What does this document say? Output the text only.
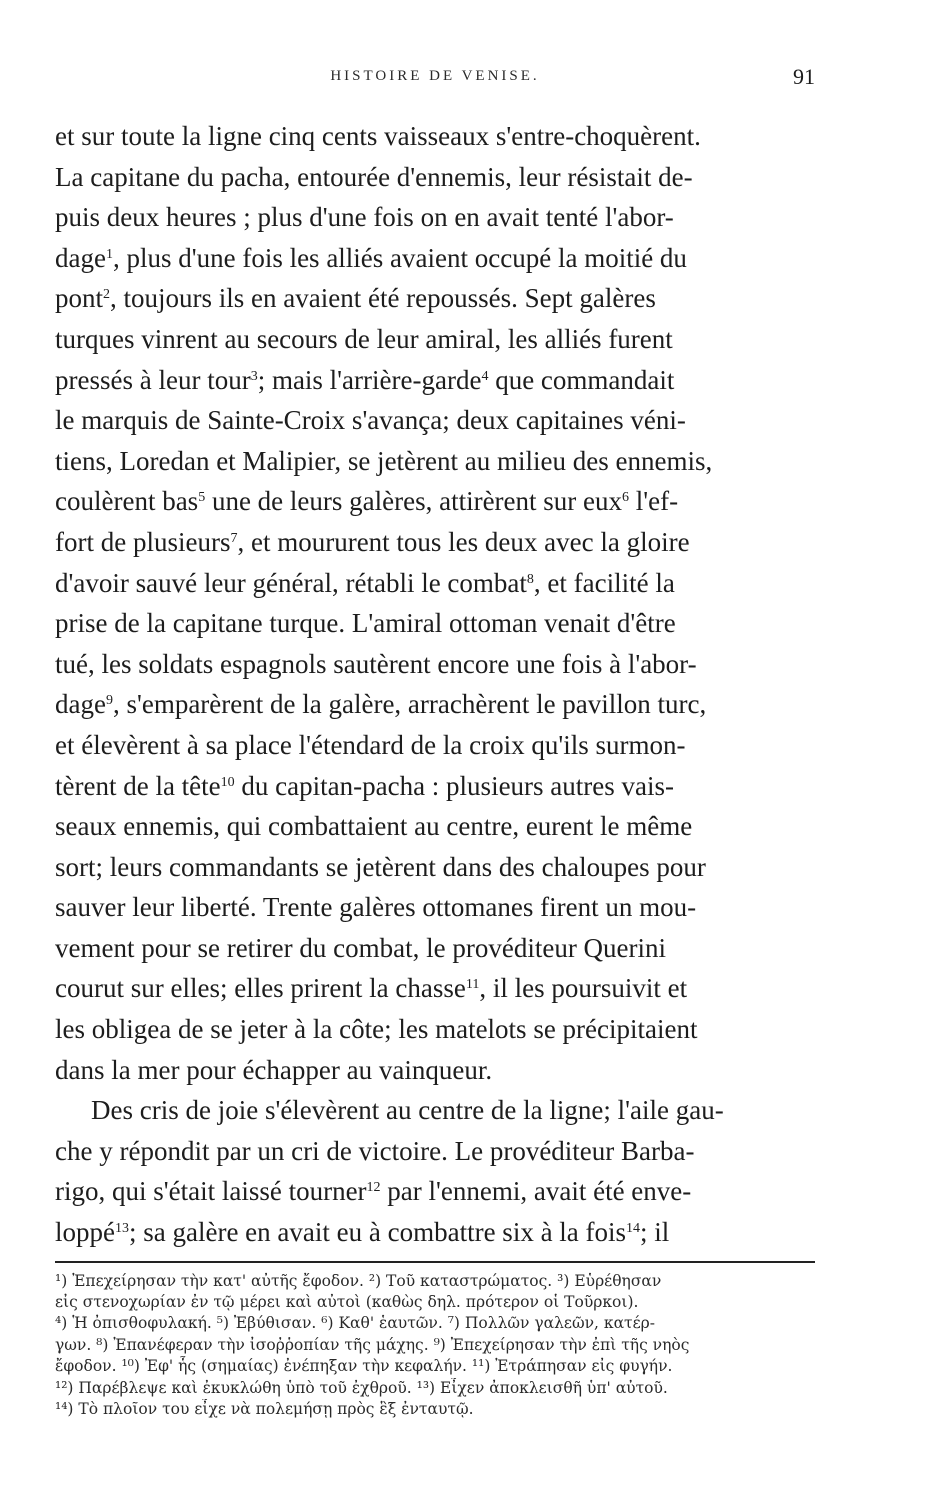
HISTOIRE DE VENISE.	91
et sur toute la ligne cinq cents vaisseaux s'entre-choquèrent.
La capitane du pacha, entourée d'ennemis, leur résistait de-
puis deux heures ; plus d'une fois on en avait tenté l'abor-
dage$^1$, plus d'une fois les alliés avaient occupé la moitié du
pont$^2$, toujours ils en avaient été repoussés. Sept galères
turques vinrent au secours de leur amiral, les alliés furent
pressés à leur tour$^3$; mais l'arrière-garde$^4$ que commandait
le marquis de Sainte-Croix s'avança; deux capitaines véni-
tiens, Loredan et Malipier, se jetèrent au milieu des ennemis,
coulèrent bas$^5$ une de leurs galères, attirèrent sur eux$^6$ l'ef-
fort de plusieurs$^7$, et moururent tous les deux avec la gloire
d'avoir sauvé leur général, rétabli le combat$^8$, et facilité la
prise de la capitane turque. L'amiral ottoman venait d'être
tué, les soldats espagnols sautèrent encore une fois à l'abor-
dage$^9$, s'emparèrent de la galère, arrachèrent le pavillon turc,
et élevèrent à sa place l'étendard de la croix qu'ils surmon-
tèrent de la tête$^{10}$ du capitan-pacha : plusieurs autres vais-
seaux ennemis, qui combattaient au centre, eurent le même
sort; leurs commandants se jetèrent dans des chaloupes pour
sauver leur liberté. Trente galères ottomanes firent un mou-
vement pour se retirer du combat, le provéditeur Querini
courut sur elles; elles prirent la chasse$^{11}$, il les poursuivit et
les obligea de se jeter à la côte; les matelots se précipitaient
dans la mer pour échapper au vainqueur.
Des cris de joie s'élevèrent au centre de la ligne; l'aile gau-
che y répondit par un cri de victoire. Le provéditeur Barba-
rigo, qui s'était laissé tourner$^{12}$ par l'ennemi, avait été enve-
loppé$^{13}$; sa galère en avait eu à combattre six à la fois$^{14}$; il
¹) Ἐπεχείρησαν τὴν κατ' αὐτῆς ἔφοδον. ²) Τοῦ καταστρώματος. ³) Εὑρέθησαν
εἰς στενοχωρίαν ἐν τῷ μέρει καὶ αὐτοὶ (καθὼς δηλ. πρότερον οἱ Τοῦρκοι).
⁴) Ἡ ὀπισθοφυλακή. ⁵) Ἐβύθισαν. ⁶) Καθ' ἑαυτῶν. ⁷) Πολλῶν γαλεῶν, κατέρ-
γων. ⁸) Ἐπανέφεραν τὴν ἰσοῤῥοπίαν τῆς μάχης. ⁹) Ἐπεχείρησαν τὴν ἐπὶ τῆς νηὸς
ἔφοδον. ¹⁰) Ἐφ' ἧς (σημαίας) ἐνέπηξαν τὴν κεφαλήν. ¹¹) Ἐτράπησαν εἰς φυγήν.
¹²) Παρέβλεψε καὶ ἐκυκλώθη ὑπὸ τοῦ ἐχθροῦ. ¹³) Εἶχεν ἀποκλεισθῆ ὑπ' αὐτοῦ.
¹⁴) Τὸ πλοῖον του εἶχε νὰ πολεμήσῃ πρὸς ἓξ ἐνταυτῷ.
